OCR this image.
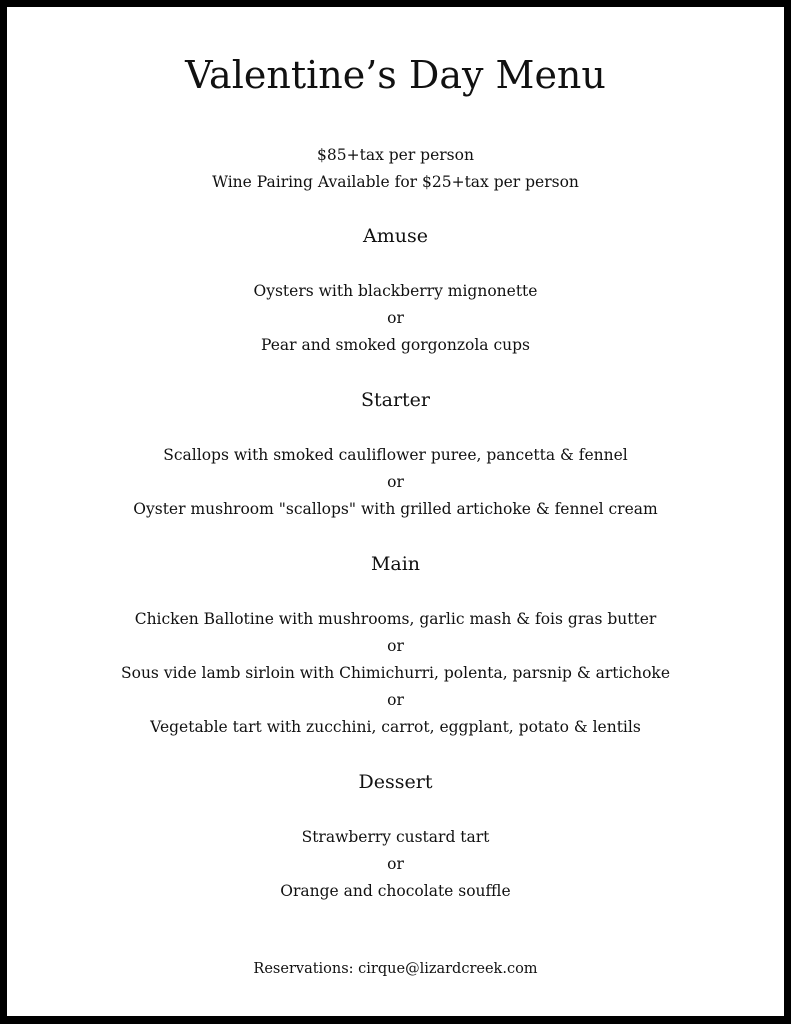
Valentine’s Day Menu
$85+tax per person
Wine Pairing Available for $25+tax per person
Amuse
Oysters with blackberry mignonette
or
Pear and smoked gorgonzola cups
Starter
Scallops with smoked cauliflower puree, pancetta & fennel
or
Oyster mushroom "scallops" with grilled artichoke & fennel cream
Main
Chicken Ballotine with mushrooms, garlic mash & fois gras butter
or
Sous vide lamb sirloin with Chimichurri, polenta, parsnip & artichoke
or
Vegetable tart with zucchini, carrot, eggplant, potato & lentils
Dessert
Strawberry custard tart
or
Orange and chocolate souffle
Reservations: cirque@lizardcreek.com
